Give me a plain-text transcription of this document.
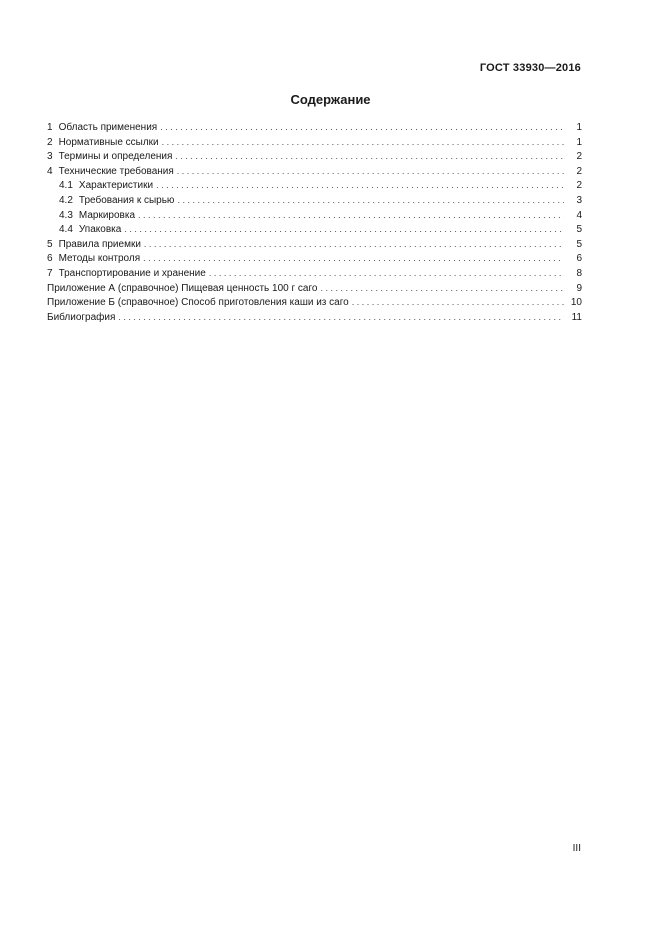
ГОСТ 33930—2016
Содержание
1 Область применения . . .	1
2 Нормативные ссылки . . .	1
3 Термины и определения . . .	2
4 Технические требования . . .	2
4.1 Характеристики . . .	2
4.2 Требования к сырью . . .	3
4.3 Маркировка . . .	4
4.4 Упаковка . . .	5
5 Правила приемки . . .	5
6 Методы контроля . . .	6
7 Транспортирование и хранение . . .	8
Приложение А (справочное) Пищевая ценность 100 г саго . . .	9
Приложение Б (справочное) Способ приготовления каши из саго . . .	10
Библиография . . .	11
III
